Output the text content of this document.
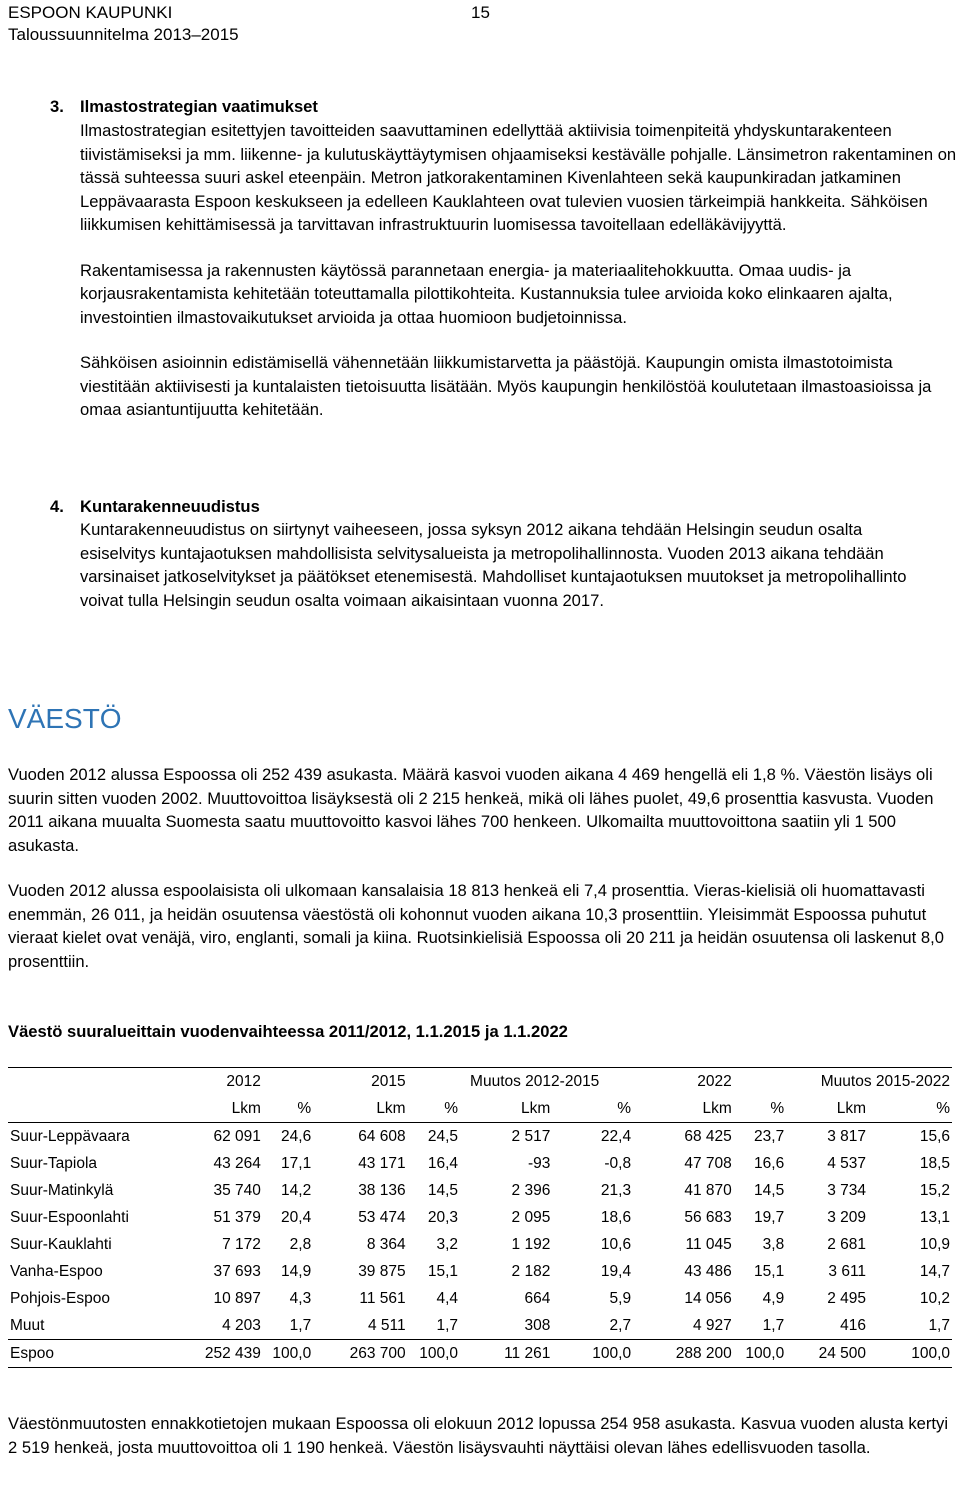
ESPOON KAUPUNKI
Taloussuunnitelma 2013–2015
15
3. Ilmastostrategian vaatimukset

Ilmastostrategian esitettyjen tavoitteiden saavuttaminen edellyttää aktiivisia toimenpiteitä yhdyskuntarakenteen tiivistämiseksi ja mm. liikenne- ja kulutuskäyttäytymisen ohjaamiseksi kestävälle pohjalle. Länsimetron rakentaminen on tässä suhteessa suuri askel eteenpäin. Metron jatkorakentaminen Kivenlahteen sekä kaupunkiradan jatkaminen Leppävaarasta Espoon keskukseen ja edelleen Kauklahteen ovat tulevien vuosien tärkeimpiä hankkeita. Sähköisen liikkumisen kehittämisessä ja tarvittavan infrastruktuurin luomisessa tavoitellaan edelläkävijyyttä.

Rakentamisessa ja rakennusten käytössä parannetaan energia- ja materiaalitehokkuutta. Omaa uudis- ja korjausrakentamista kehitetään toteuttamalla pilottikohteita. Kustannuksia tulee arvioida koko elinkaaren ajalta, investointien ilmastovaikutukset arvioida ja ottaa huomioon budjetoinnissa.

Sähköisen asioinnin edistämisellä vähennetään liikkumistarvetta ja päästöjä. Kaupungin omista ilmastotoimista viestitään aktiivisesti ja kuntalaisten tietoisuutta lisätään. Myös kaupungin henkilöstöä koulutetaan ilmastoasioissa ja omaa asiantuntijuutta kehitetään.

4. Kuntarakenneuudistus

Kuntarakenneuudistus on siirtynyt vaiheeseen, jossa syksyn 2012 aikana tehdään Helsingin seudun osalta esiselvitys kuntajaotuksen mahdollisista selvitysalueista ja metropolihallinnosta. Vuoden 2013 aikana tehdään varsinaiset jatkoselvitykset ja päätökset etenemisestä. Mahdolliset kuntajaotuksen muutokset ja metropolihallinto voivat tulla Helsingin seudun osalta voimaan aikaisintaan vuonna 2017.

VÄESTÖ

Vuoden 2012 alussa Espoossa oli 252 439 asukasta. Määrä kasvoi vuoden aikana 4 469 hengellä eli 1,8 %. Väestön lisäys oli suurin sitten vuoden 2002. Muuttovoittoa lisäyksestä oli 2 215 henkeä, mikä oli lähes puolet, 49,6 prosenttia kasvusta. Vuoden 2011 aikana muualta Suomesta saatu muuttovoitto kasvoi lähes 700 henkeen. Ulkomailta muuttovoittona saatiin yli 1 500 asukasta.

Vuoden 2012 alussa espoolaisista oli ulkomaan kansalaisia 18 813 henkeä eli 7,4 prosenttia. Vieras-kielisiä oli huomattavasti enemmän, 26 011, ja heidän osuutensa väestöstä oli kohonnut vuoden aikana 10,3 prosenttiin. Yleisimmät Espoossa puhutut vieraat kielet ovat venäjä, viro, englanti, somali ja kiina. Ruotsinkielisiä Espoossa oli 20 211 ja heidän osuutensa oli laskenut 8,0 prosenttiin.

Väestö suuralueittain vuodenvaihteessa 2011/2012, 1.1.2015 ja 1.1.2022
	2012		2015		Muutos 2012-2015		2022		Muutos 2015-2022	
	Lkm	%	Lkm	%	Lkm	%	Lkm	%	Lkm	%
Suur-Leppävaara	62 091	24,6	64 608	24,5	2 517	22,4	68 425	23,7	3 817	15,6
Suur-Tapiola	43 264	17,1	43 171	16,4	-93	-0,8	47 708	16,6	4 537	18,5
Suur-Matinkylä	35 740	14,2	38 136	14,5	2 396	21,3	41 870	14,5	3 734	15,2
Suur-Espoonlahti	51 379	20,4	53 474	20,3	2 095	18,6	56 683	19,7	3 209	13,1
Suur-Kauklahti	7 172	2,8	8 364	3,2	1 192	10,6	11 045	3,8	2 681	10,9
Vanha-Espoo	37 693	14,9	39 875	15,1	2 182	19,4	43 486	15,1	3 611	14,7
Pohjois-Espoo	10 897	4,3	11 561	4,4	664	5,9	14 056	4,9	2 495	10,2
Muut	4 203	1,7	4 511	1,7	308	2,7	4 927	1,7	416	1,7
Espoo	252 439	100,0	263 700	100,0	11 261	100,0	288 200	100,0	24 500	100,0

Väestönmuutosten ennakkotietojen mukaan Espoossa oli elokuun 2012 lopussa 254 958 asukasta. Kasvua vuoden alusta kertyi 2 519 henkeä, josta muuttovoittoa oli 1 190 henkeä. Väestön lisäysvauhti näyttäisi olevan lähes edellisvuoden tasolla.
